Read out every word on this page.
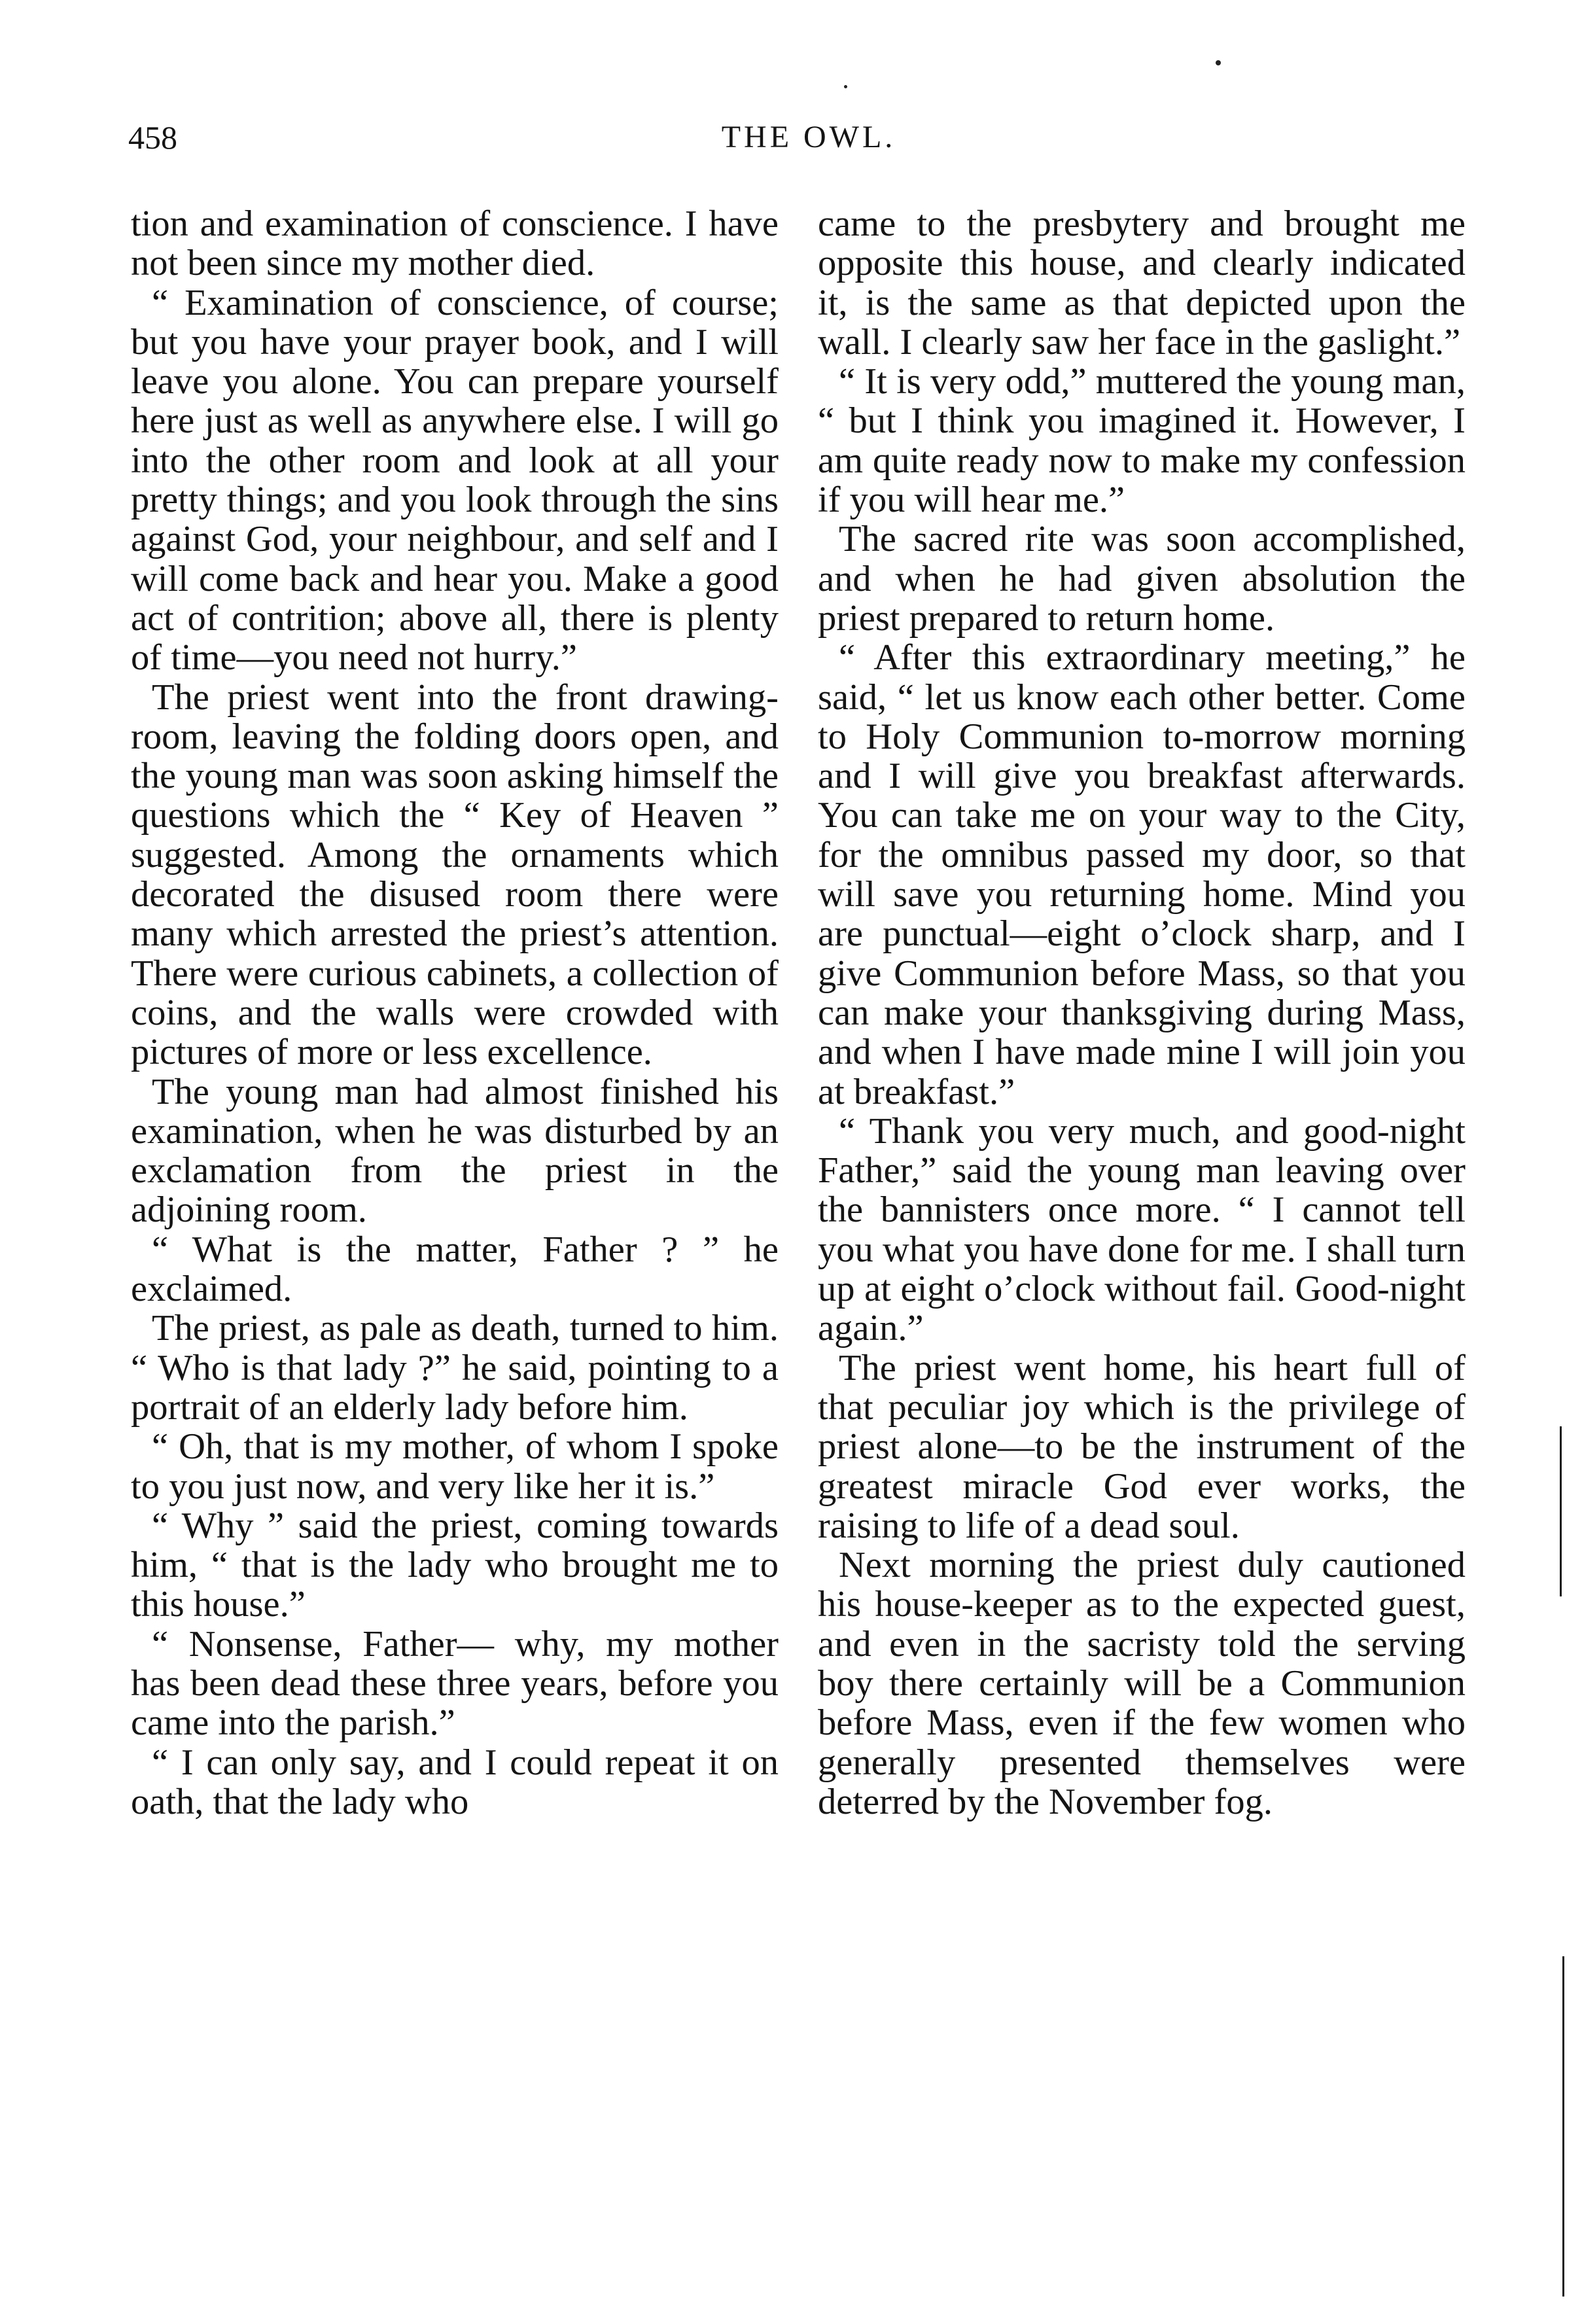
458	THE OWL.

tion and examination of conscience. I have not been since my mother died.

“ Examination of conscience, of course; but you have your prayer book, and I will leave you alone. You can prepare yourself here just as well as anywhere else. I will go into the other room and look at all your pretty things; and you look through the sins against God, your neighbour, and self and I will come back and hear you. Make a good act of contrition; above all, there is plenty of time—you need not hurry.”

The priest went into the front drawing-room, leaving the folding doors open, and the young man was soon asking himself the questions which the “ Key of Heaven ” suggested. Among the ornaments which decorated the disused room there were many which arrested the priest’s attention. There were curious cabinets, a collection of coins, and the walls were crowded with pictures of more or less excellence.

The young man had almost finished his examination, when he was disturbed by an exclamation from the priest in the adjoining room.

“ What is the matter, Father ? ” he exclaimed.

The priest, as pale as death, turned to him. “ Who is that lady ?” he said, pointing to a portrait of an elderly lady before him.

“ Oh, that is my mother, of whom I spoke to you just now, and very like her it is.”

“ Why ” said the priest, coming towards him, “ that is the lady who brought me to this house.”

“ Nonsense, Father— why, my mother has been dead these three years, before you came into the parish.”

“ I can only say, and I could repeat it on oath, that the lady who

came to the presbytery and brought me opposite this house, and clearly indicated it, is the same as that depicted upon the wall. I clearly saw her face in the gaslight.”

“ It is very odd,” muttered the young man, “ but I think you imagined it. However, I am quite ready now to make my confession if you will hear me.”

The sacred rite was soon accomplished, and when he had given absolution the priest prepared to return home.

“ After this extraordinary meeting,” he said, “ let us know each other better. Come to Holy Communion to-morrow morning and I will give you breakfast afterwards. You can take me on your way to the City, for the omnibus passed my door, so that will save you returning home. Mind you are punctual—eight o’clock sharp, and I give Communion before Mass, so that you can make your thanksgiving during Mass, and when I have made mine I will join you at breakfast.”

“ Thank you very much, and good-night Father,” said the young man leaving over the bannisters once more. “ I cannot tell you what you have done for me. I shall turn up at eight o’clock without fail. Good-night again.”

The priest went home, his heart full of that peculiar joy which is the privilege of priest alone—to be the instrument of the greatest miracle God ever works, the raising to life of a dead soul.

Next morning the priest duly cautioned his house-keeper as to the expected guest, and even in the sacristy told the serving boy there certainly will be a Communion before Mass, even if the few women who generally presented themselves were deterred by the November fog.
